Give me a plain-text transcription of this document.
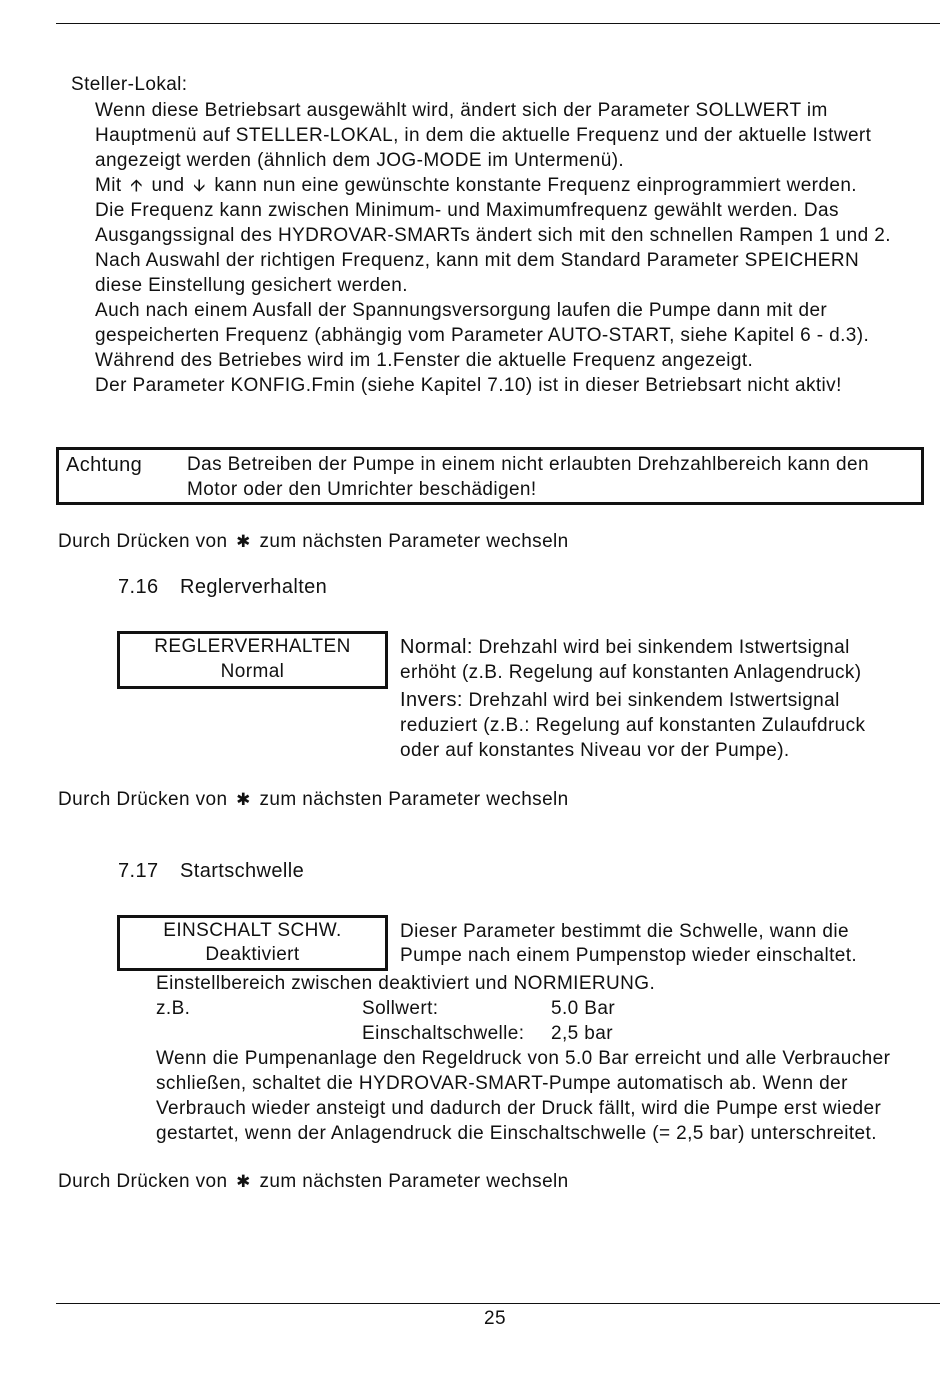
Steller-Lokal:
Wenn diese Betriebsart ausgewählt wird, ändert sich der Parameter SOLLWERT im
Hauptmenü auf STELLER-LOKAL, in dem die aktuelle Frequenz und der aktuelle Istwert
angezeigt werden (ähnlich dem JOG-MODE im Untermenü).
Mit 🡩 und 🡫 kann nun eine gewünschte konstante Frequenz einprogrammiert werden.
Die Frequenz kann zwischen Minimum- und Maximumfrequenz gewählt werden. Das
Ausgangssignal des HYDROVAR-SMARTs ändert sich mit den schnellen Rampen 1 und 2.
Nach Auswahl der richtigen Frequenz, kann mit dem Standard Parameter SPEICHERN
diese Einstellung gesichert werden.
Auch nach einem Ausfall der Spannungsversorgung laufen die Pumpe dann mit der
gespeicherten Frequenz (abhängig vom Parameter AUTO-START, siehe Kapitel 6 - d.3).
Während des Betriebes wird im 1.Fenster die aktuelle Frequenz angezeigt.
Der Parameter KONFIG.Fmin (siehe Kapitel 7.10) ist in dieser Betriebsart nicht aktiv!
Achtung Das Betreiben der Pumpe in einem nicht erlaubten Drehzahlbereich kann den
Motor oder den Umrichter beschädigen!
Durch Drücken von ✱ zum nächsten Parameter wechseln
7.16 Reglerverhalten
REGLERVERHALTEN
Normal
Normal: Drehzahl wird bei sinkendem Istwertsignal
erhöht (z.B. Regelung auf konstanten Anlagendruck)
Invers: Drehzahl wird bei sinkendem Istwertsignal
reduziert (z.B.: Regelung auf konstanten Zulaufdruck
oder auf konstantes Niveau vor der Pumpe).
Durch Drücken von ✱ zum nächsten Parameter wechseln
7.17 Startschwelle
EINSCHALT SCHW.
Deaktiviert
Dieser Parameter bestimmt die Schwelle, wann die
Pumpe nach einem Pumpenstop wieder einschaltet.
Einstellbereich zwischen deaktiviert und NORMIERUNG.
z.B.	Sollwert:	5.0 Bar
Einschaltschwelle: 2,5 bar
Wenn die Pumpenanlage den Regeldruck von 5.0 Bar erreicht und alle Verbraucher
schließen, schaltet die HYDROVAR-SMART-Pumpe automatisch ab. Wenn der
Verbrauch wieder ansteigt und dadurch der Druck fällt, wird die Pumpe erst wieder
gestartet, wenn der Anlagendruck die Einschaltschwelle (= 2,5 bar) unterschreitet.
Durch Drücken von ✱ zum nächsten Parameter wechseln
25
